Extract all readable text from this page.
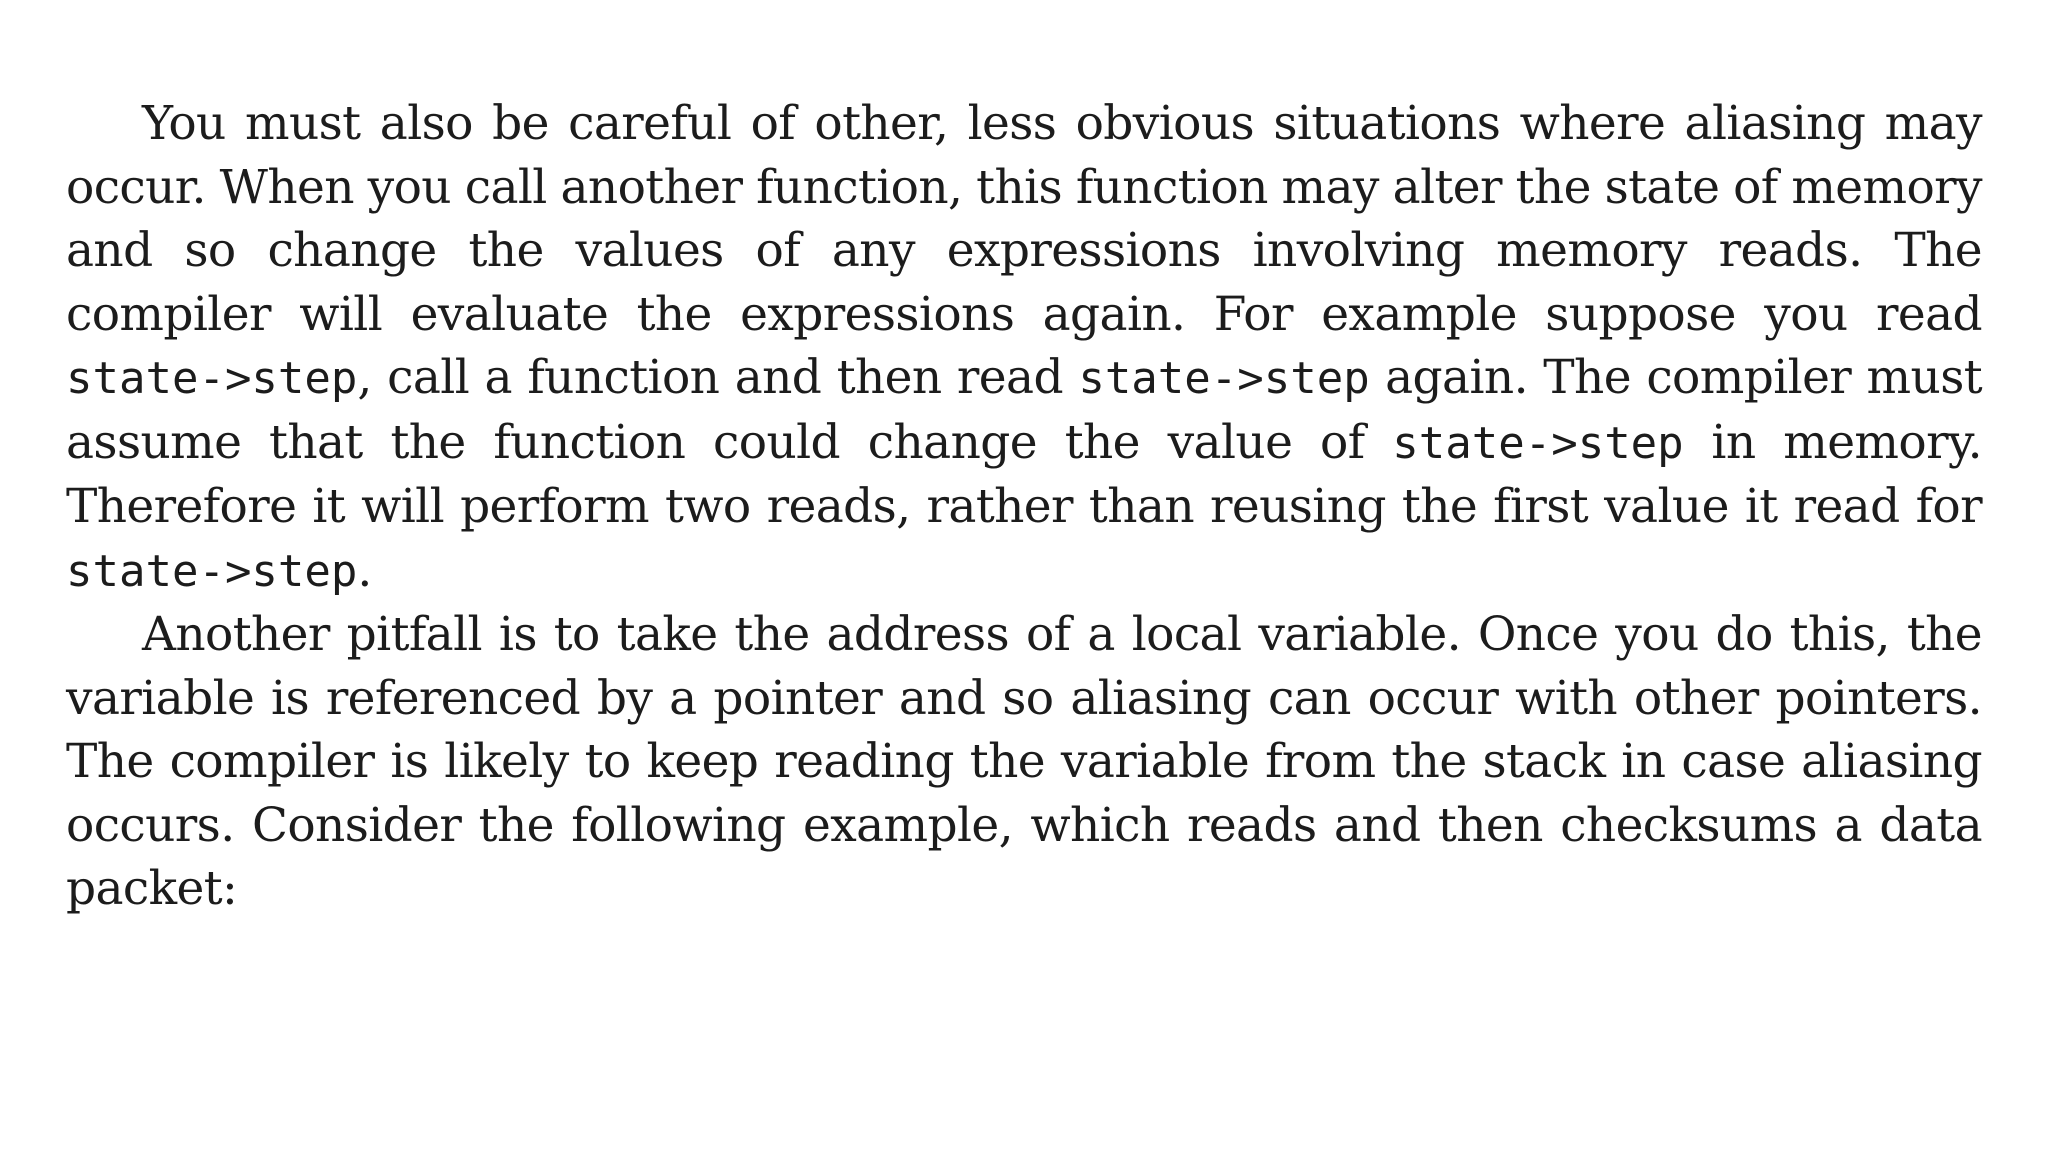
You must also be careful of other, less obvious situations where aliasing may occur. When you call another function, this function may alter the state of memory and so change the values of any expressions involving memory reads. The compiler will evaluate the expressions again. For example suppose you read state->step, call a function and then read state->step again. The compiler must assume that the function could change the value of state->step in memory. Therefore it will perform two reads, rather than reusing the first value it read for state->step.

Another pitfall is to take the address of a local variable. Once you do this, the variable is referenced by a pointer and so aliasing can occur with other pointers. The compiler is likely to keep reading the variable from the stack in case aliasing occurs. Consider the following example, which reads and then checksums a data packet:
